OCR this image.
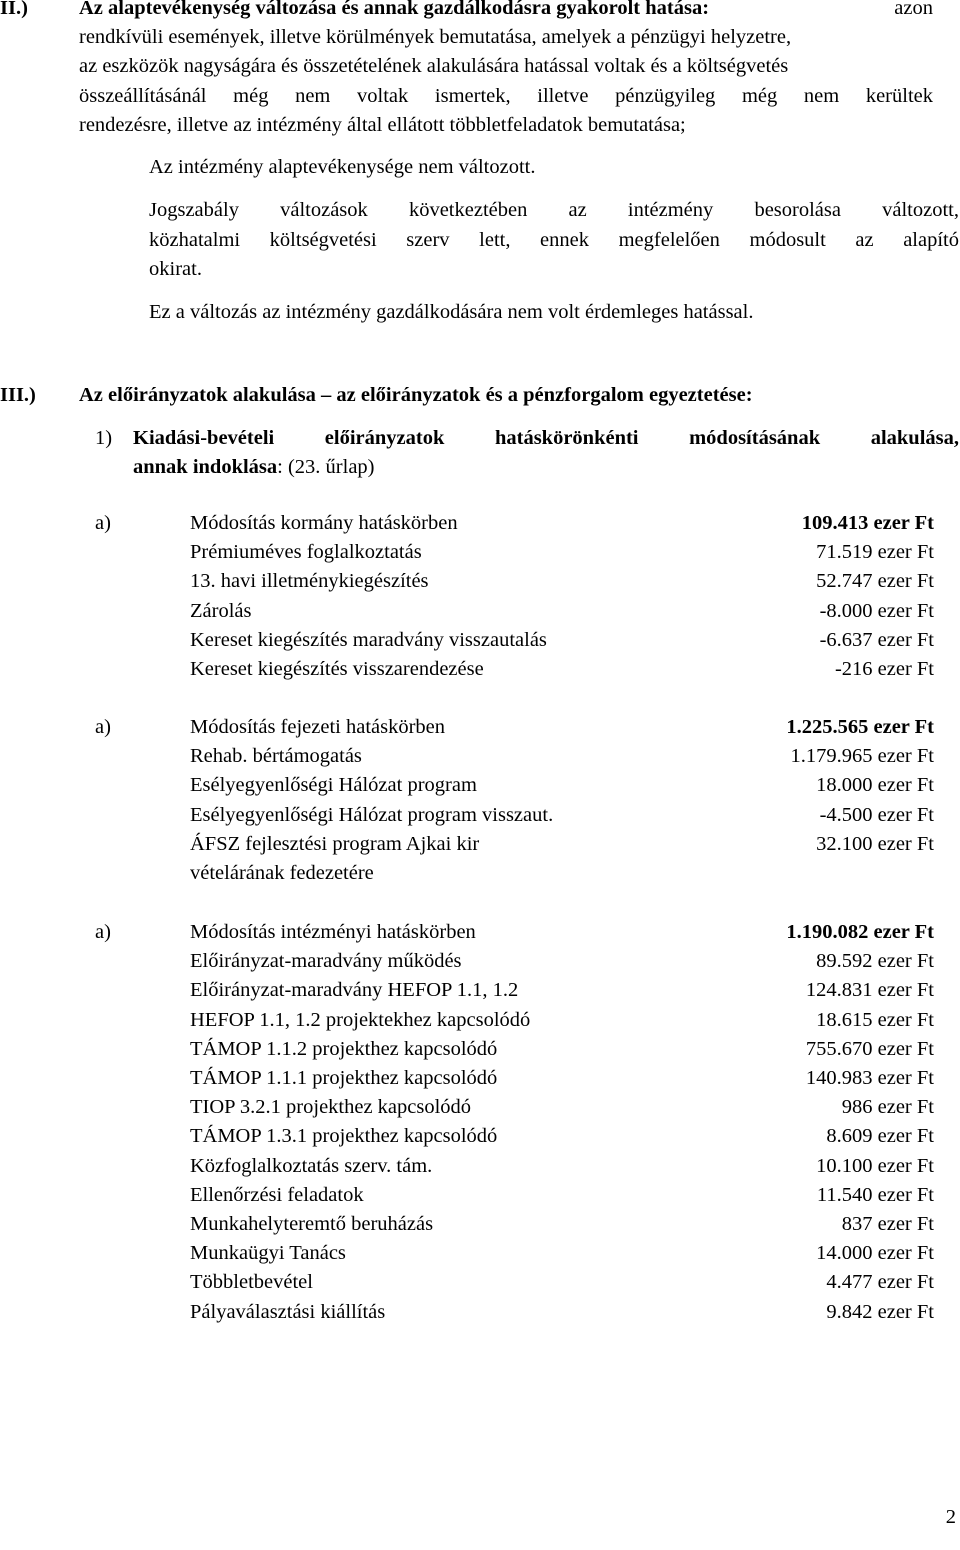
II.) Az alaptevékenység változása és annak gazdálkodásra gyakorolt hatása:	azon
rendkívüli események, illetve körülmények bemutatása, amelyek a pénzügyi helyzetre,
az eszközök nagyságára és összetételének alakulására hatással voltak és a költségvetés
összeállításánál még nem voltak ismertek, illetve pénzügyileg még nem kerültek
rendezésre, illetve az intézmény által ellátott többletfeladatok bemutatása;
Az intézmény alaptevékenysége nem változott.
Jogszabály változások következtében az intézmény besorolása változott,
közhatalmi költségvetési szerv lett, ennek megfelelően módosult az alapító
okirat.
Ez a változás az intézmény gazdálkodására nem volt érdemleges hatással.
III.) Az előirányzatok alakulása – az előirányzatok és a pénzforgalom egyeztetése:
1) Kiadási-bevételi előirányzatok hatáskörönkénti módosításának alakulása,
annak indoklása: (23. űrlap)
a)	Módosítás kormány hatáskörben	109.413 ezer Ft
Prémiuméves foglalkoztatás	71.519 ezer Ft
13. havi illetménykiegészítés	52.747 ezer Ft
Zárolás	-8.000 ezer Ft
Kereset kiegészítés maradvány visszautalás	-6.637 ezer Ft
Kereset kiegészítés visszarendezése	-216 ezer Ft
a)	Módosítás fejezeti hatáskörben	1.225.565 ezer Ft
Rehab. bértámogatás	1.179.965 ezer Ft
Esélyegyenlőségi Hálózat program	18.000 ezer Ft
Esélyegyenlőségi Hálózat program visszaut.	-4.500 ezer Ft
ÁFSZ fejlesztési program Ajkai kir	32.100 ezer Ft
vételárának fedezetére
a)	Módosítás intézményi hatáskörben	1.190.082 ezer Ft
Előirányzat-maradvány működés	89.592 ezer Ft
Előirányzat-maradvány HEFOP 1.1, 1.2	124.831 ezer Ft
HEFOP 1.1, 1.2 projektekhez kapcsolódó	18.615 ezer Ft
TÁMOP 1.1.2 projekthez kapcsolódó	755.670 ezer Ft
TÁMOP 1.1.1 projekthez kapcsolódó	140.983 ezer Ft
TIOP 3.2.1 projekthez kapcsolódó	986 ezer Ft
TÁMOP 1.3.1 projekthez kapcsolódó	8.609 ezer Ft
Közfoglalkoztatás szerv. tám.	10.100 ezer Ft
Ellenőrzési feladatok	11.540 ezer Ft
Munkahelyteremtő beruházás	837 ezer Ft
Munkaügyi Tanács	14.000 ezer Ft
Többletbevétel	4.477 ezer Ft
Pályaválasztási kiállítás	9.842 ezer Ft
2
